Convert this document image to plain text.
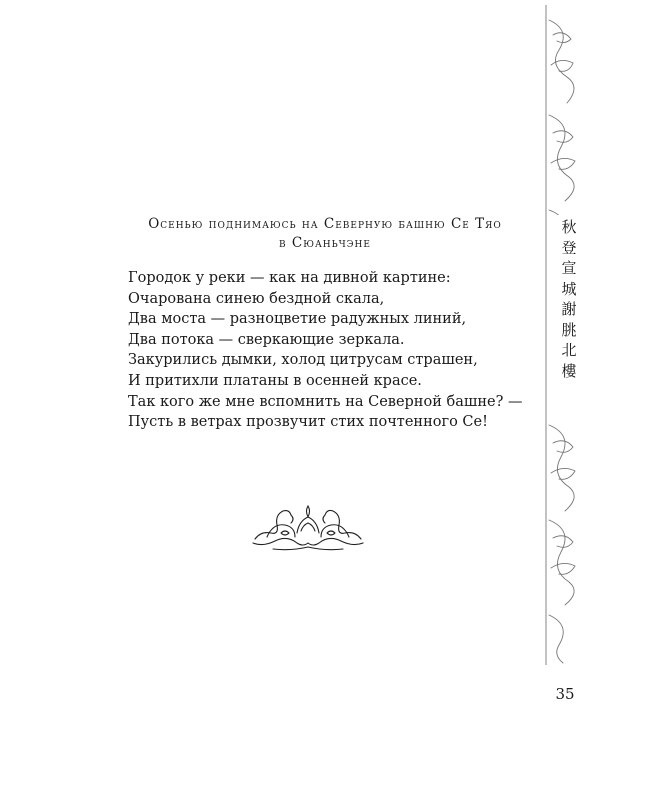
Осенью поднимаюсь на Северную башню Се Тяо

в Сюаньчэне

Городок у реки — как на дивной картине:
Очарована синею бездной скала,
Два моста — разноцветие радужных линий,
Два потока — сверкающие зеркала.
Закурились дымки, холод цитрусам страшен,
И притихли платаны в осенней красе.
Так кого же мне вспомнить на Северной башне? —
Пусть в ветрах прозвучит стих почтенного Се!
秋
登
宣
城
謝
朓
北
樓
35
